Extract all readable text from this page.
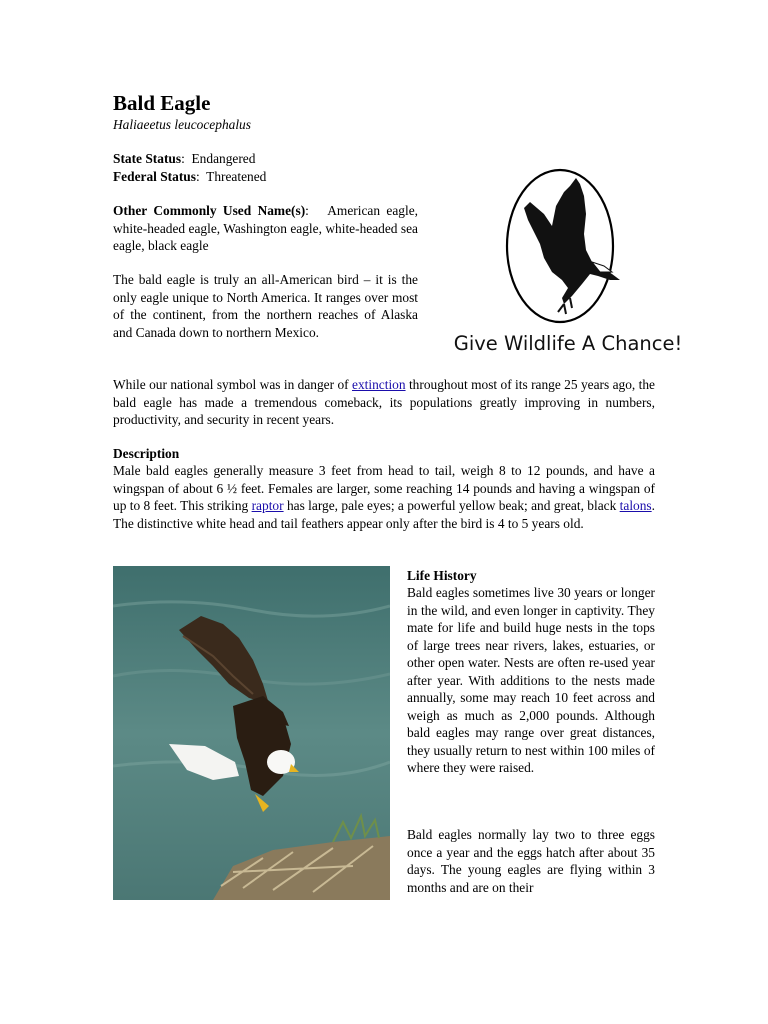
Bald Eagle
Haliaeetus leucocephalus
State Status:  Endangered
Federal Status:  Threatened

Other Commonly Used Name(s):   American eagle, white-headed eagle, Washington eagle, white-headed sea eagle, black eagle

The bald eagle is truly an all-American bird – it is the only eagle unique to North America. It ranges over most of the continent, from the northern reaches of Alaska and Canada down to northern Mexico.	Give Wildlife A Chance!

While our national symbol was in danger of extinction throughout most of its range 25 years ago, the bald eagle has made a tremendous comeback, its populations greatly improving in numbers, productivity, and security in recent years.

Description

Male bald eagles generally measure 3 feet from head to tail, weigh 8 to 12 pounds, and have a wingspan of about 6 ½ feet. Females are larger, some reaching 14 pounds and having a wingspan of up to 8 feet. This striking raptor has large, pale eyes; a powerful yellow beak; and great, black talons. The distinctive white head and tail feathers appear only after the bird is 4 to 5 years old.

Life History

Bald eagles sometimes live 30 years or longer in the wild, and even longer in captivity. They mate for life and build huge nests in the tops of large trees near rivers, lakes, estuaries, or other open water. Nests are often re-used year after year. With additions to the nests made annually, some may reach 10 feet across and weigh as much as 2,000 pounds. Although bald eagles may range over great distances, they usually return to nest within 100 miles of where they were raised.

Bald eagles normally lay two to three eggs once a year and the eggs hatch after about 35 days. The young eagles are flying within 3 months and are on their
